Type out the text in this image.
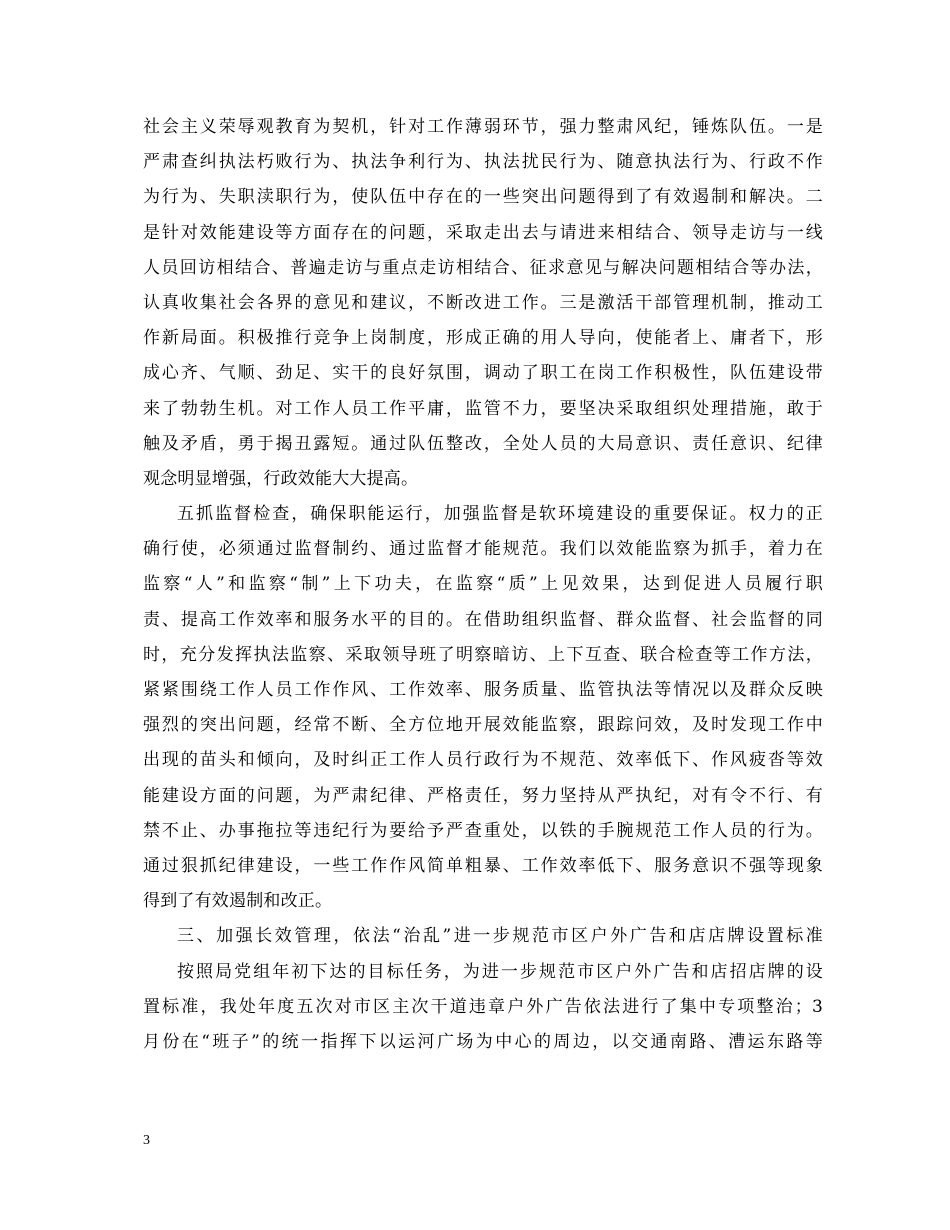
社会主义荣辱观教育为契机，针对工作薄弱环节，强力整肃风纪，锤炼队伍。一是
严肃查纠执法朽败行为、执法争利行为、执法扰民行为、随意执法行为、行政不作
为行为、失职渎职行为，使队伍中存在的一些突出问题得到了有效遏制和解决。二
是针对效能建设等方面存在的问题，采取走出去与请进来相结合、领导走访与一线
人员回访相结合、普遍走访与重点走访相结合、征求意见与解决问题相结合等办法，
认真收集社会各界的意见和建议，不断改进工作。三是激活干部管理机制，推动工
作新局面。积极推行竞争上岗制度，形成正确的用人导向，使能者上、庸者下，形
成心齐、气顺、劲足、实干的良好氛围，调动了职工在岗工作积极性，队伍建设带
来了勃勃生机。对工作人员工作平庸，监管不力，要坚决采取组织处理措施，敢于
触及矛盾，勇于揭丑露短。通过队伍整改，全处人员的大局意识、责任意识、纪律
观念明显增强，行政效能大大提高。
五抓监督检查，确保职能运行，加强监督是软环境建设的重要保证。权力的正
确行使，必须通过监督制约、通过监督才能规范。我们以效能监察为抓手，着力在
监察“人”和监察“制”上下功夫，在监察“质”上见效果，达到促进人员履行职
责、提高工作效率和服务水平的目的。在借助组织监督、群众监督、社会监督的同
时，充分发挥执法监察、采取领导班了明察暗访、上下互查、联合检查等工作方法，
紧紧围绕工作人员工作作风、工作效率、服务质量、监管执法等情况以及群众反映
强烈的突出问题，经常不断、全方位地开展效能监察，跟踪问效，及时发现工作中
出现的苗头和倾向，及时纠正工作人员行政行为不规范、效率低下、作风疲沓等效
能建设方面的问题，为严肃纪律、严格责任，努力坚持从严执纪，对有令不行、有
禁不止、办事拖拉等违纪行为要给予严查重处，以铁的手腕规范工作人员的行为。
通过狠抓纪律建设，一些工作作风简单粗暴、工作效率低下、服务意识不强等现象
得到了有效遏制和改正。
三、加强长效管理，依法“治乱”进一步规范市区户外广告和店店牌设置标准
按照局党组年初下达的目标任务，为进一步规范市区户外广告和店招店牌的设
置标准，我处年度五次对市区主次干道违章户外广告依法进行了集中专项整治；3
月份在“班子”的统一指挥下以运河广场为中心的周边，以交通南路、漕运东路等
3
